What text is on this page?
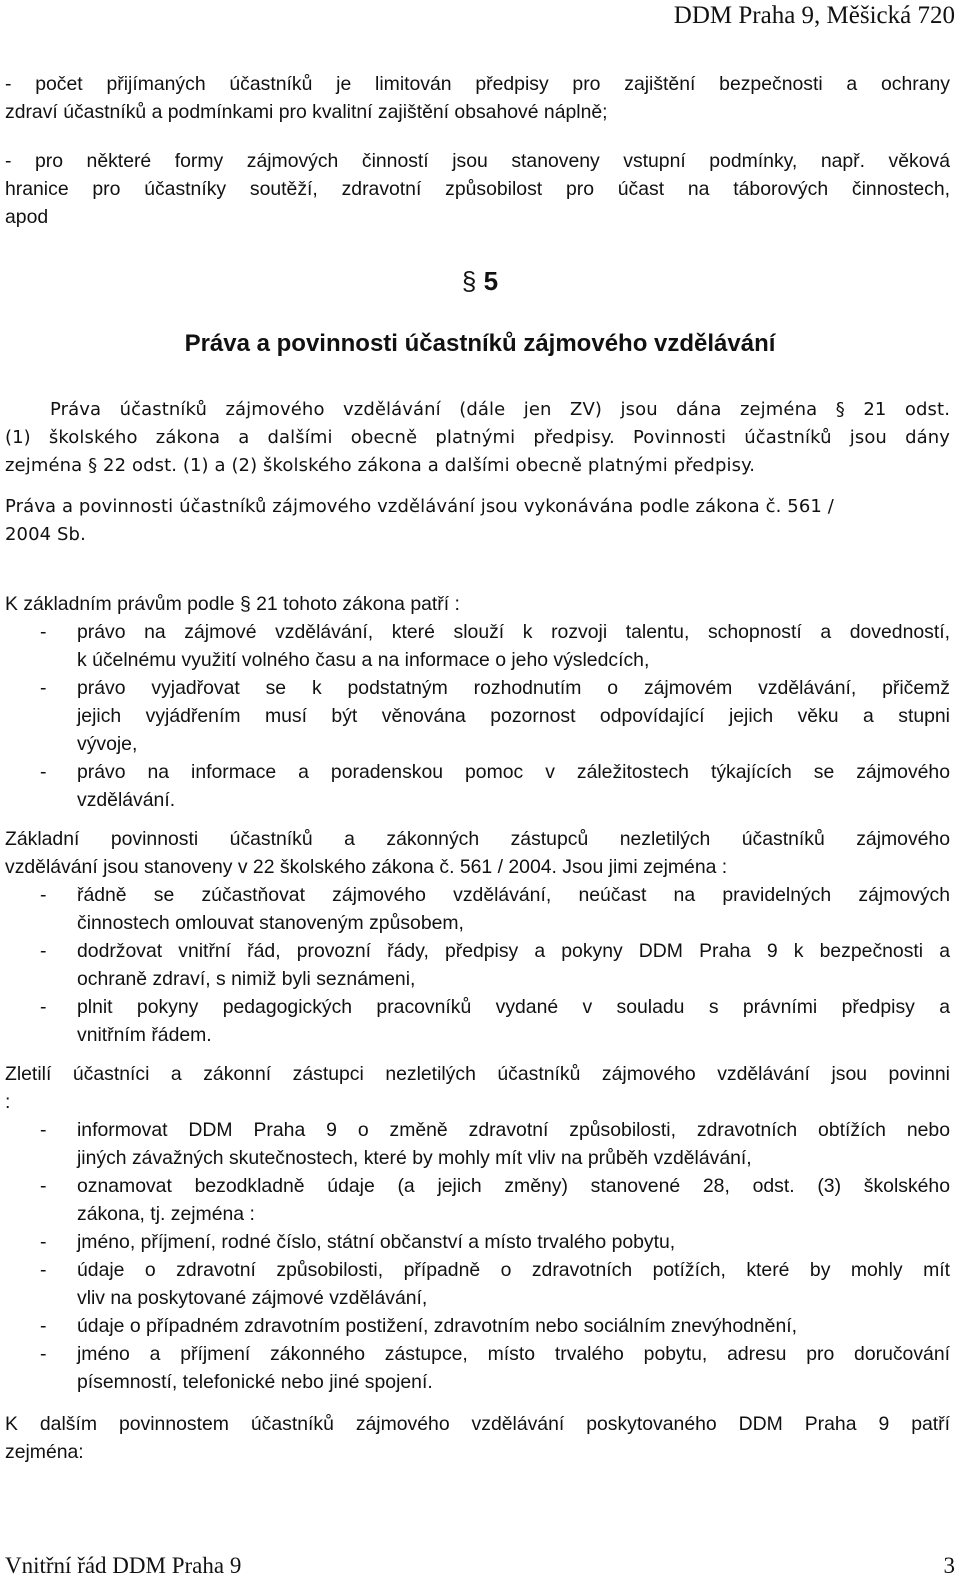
DDM Praha 9, Měšická 720
- počet přijímaných účastníků je limitován předpisy pro zajištění bezpečnosti a ochrany
zdraví účastníků a podmínkami pro kvalitní zajištění obsahové náplně;
- pro některé formy zájmových činností jsou stanoveny vstupní podmínky, např. věková
hranice pro účastníky soutěží, zdravotní způsobilost pro účast na táborových činnostech,
apod
§ 5
Práva a povinnosti účastníků zájmového vzdělávání
Práva účastníků zájmového vzdělávání (dále jen ZV) jsou dána zejména § 21 odst.
(1) školského zákona a dalšími obecně platnými předpisy. Povinnosti účastníků jsou dány
zejména § 22 odst. (1) a (2) školského zákona a dalšími obecně platnými předpisy.
Práva a povinnosti účastníků zájmového vzdělávání jsou vykonávána podle zákona č. 561 /
2004 Sb.
K základním právům podle § 21 tohoto zákona patří :
- právo na zájmové vzdělávání, které slouží k rozvoji talentu, schopností a dovedností,
k účelnému využití volného času a na informace o jeho výsledcích,
- právo vyjadřovat se k podstatným rozhodnutím o zájmovém vzdělávání, přičemž
jejich vyjádřením musí být věnována pozornost odpovídající jejich věku a stupni
vývoje,
- právo na informace a poradenskou pomoc v záležitostech týkajících se zájmového
vzdělávání.
Základní povinnosti účastníků a zákonných zástupců nezletilých účastníků zájmového
vzdělávání jsou stanoveny v 22 školského zákona č. 561 / 2004. Jsou jimi zejména :
- řádně se zúčastňovat zájmového vzdělávání, neúčast na pravidelných zájmových
činnostech omlouvat stanoveným způsobem,
- dodržovat vnitřní řád, provozní řády, předpisy a pokyny DDM Praha 9 k bezpečnosti a
ochraně zdraví, s nimiž byli seznámeni,
- plnit pokyny pedagogických pracovníků vydané v souladu s právními předpisy a
vnitřním řádem.
Zletilí účastníci a zákonní zástupci nezletilých účastníků zájmového vzdělávání jsou povinni
:
- informovat DDM Praha 9 o změně zdravotní způsobilosti, zdravotních obtížích nebo
jiných závažných skutečnostech, které by mohly mít vliv na průběh vzdělávání,
- oznamovat bezodkladně údaje (a jejich změny) stanovené 28, odst. (3) školského
zákona, tj. zejména :
- jméno, příjmení, rodné číslo, státní občanství a místo trvalého pobytu,
- údaje o zdravotní způsobilosti, případně o zdravotních potížích, které by mohly mít
vliv na poskytované zájmové vzdělávání,
- údaje o případném zdravotním postižení, zdravotním nebo sociálním znevýhodnění,
- jméno a příjmení zákonného zástupce, místo trvalého pobytu, adresu pro doručování
písemností, telefonické nebo jiné spojení.
K dalším povinnostem účastníků zájmového vzdělávání poskytovaného DDM Praha 9 patří
zejména:
Vnitřní řád DDM Praha 9	3
